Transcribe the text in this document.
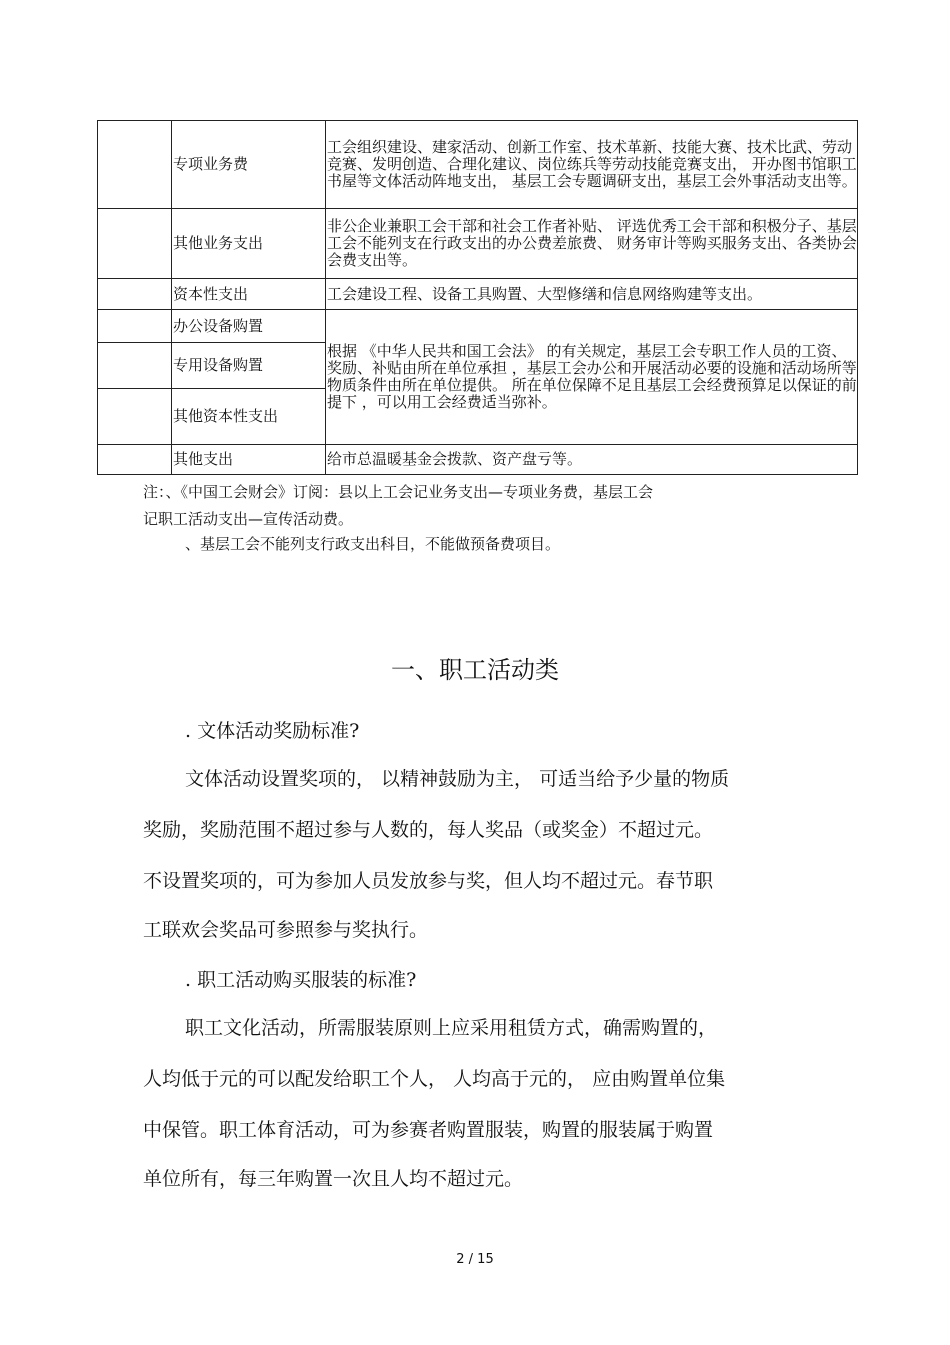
	专项业务费	工会组织建设、建家活动、创新工作室、技术革新、技能大赛、技术比武、劳动竞赛、发明创造、合理化建议、岗位练兵等劳动技能竞赛支出， 开办图书馆职工书屋等文体活动阵地支出， 基层工会专题调研支出，基层工会外事活动支出等。
	其他业务支出	非公企业兼职工会干部和社会工作者补贴、 评选优秀工会干部和积极分子、基层工会不能列支在行政支出的办公费差旅费、 财务审计等购买服务支出、各类协会会费支出等。
	资本性支出	工会建设工程、设备工具购置、大型修缮和信息网络购建等支出。
	办公设备购置	根据 《中华人民共和国工会法》 的有关规定，基层工会专职工作人员的工资、奖励、补贴由所在单位承担 ，基层工会办公和开展活动必要的设施和活动场所等物质条件由所在单位提供。 所在单位保障不足且基层工会经费预算足以保证的前提下 ，可以用工会经费适当弥补。
	专用设备购置	
	其他资本性支出	
	其他支出	给市总温暖基金会拨款、资产盘亏等。
注：、《中国工会财会》订阅：县以上工会记业务支出—专项业务费，基层工会
记职工活动支出—宣传活动费。
、基层工会不能列支行政支出科目，不能做预备费项目。
一、职工活动类
. 文体活动奖励标准?
文体活动设置奖项的， 以精神鼓励为主， 可适当给予少量的物质
奖励，奖励范围不超过参与人数的，每人奖品（或奖金）不超过元。
不设置奖项的，可为参加人员发放参与奖，但人均不超过元。春节职
工联欢会奖品可参照参与奖执行。
. 职工活动购买服装的标准?
职工文化活动，所需服装原则上应采用租赁方式，确需购置的，
人均低于元的可以配发给职工个人， 人均高于元的， 应由购置单位集
中保管。职工体育活动，可为参赛者购置服装，购置的服装属于购置
单位所有，每三年购置一次且人均不超过元。
2 / 15
